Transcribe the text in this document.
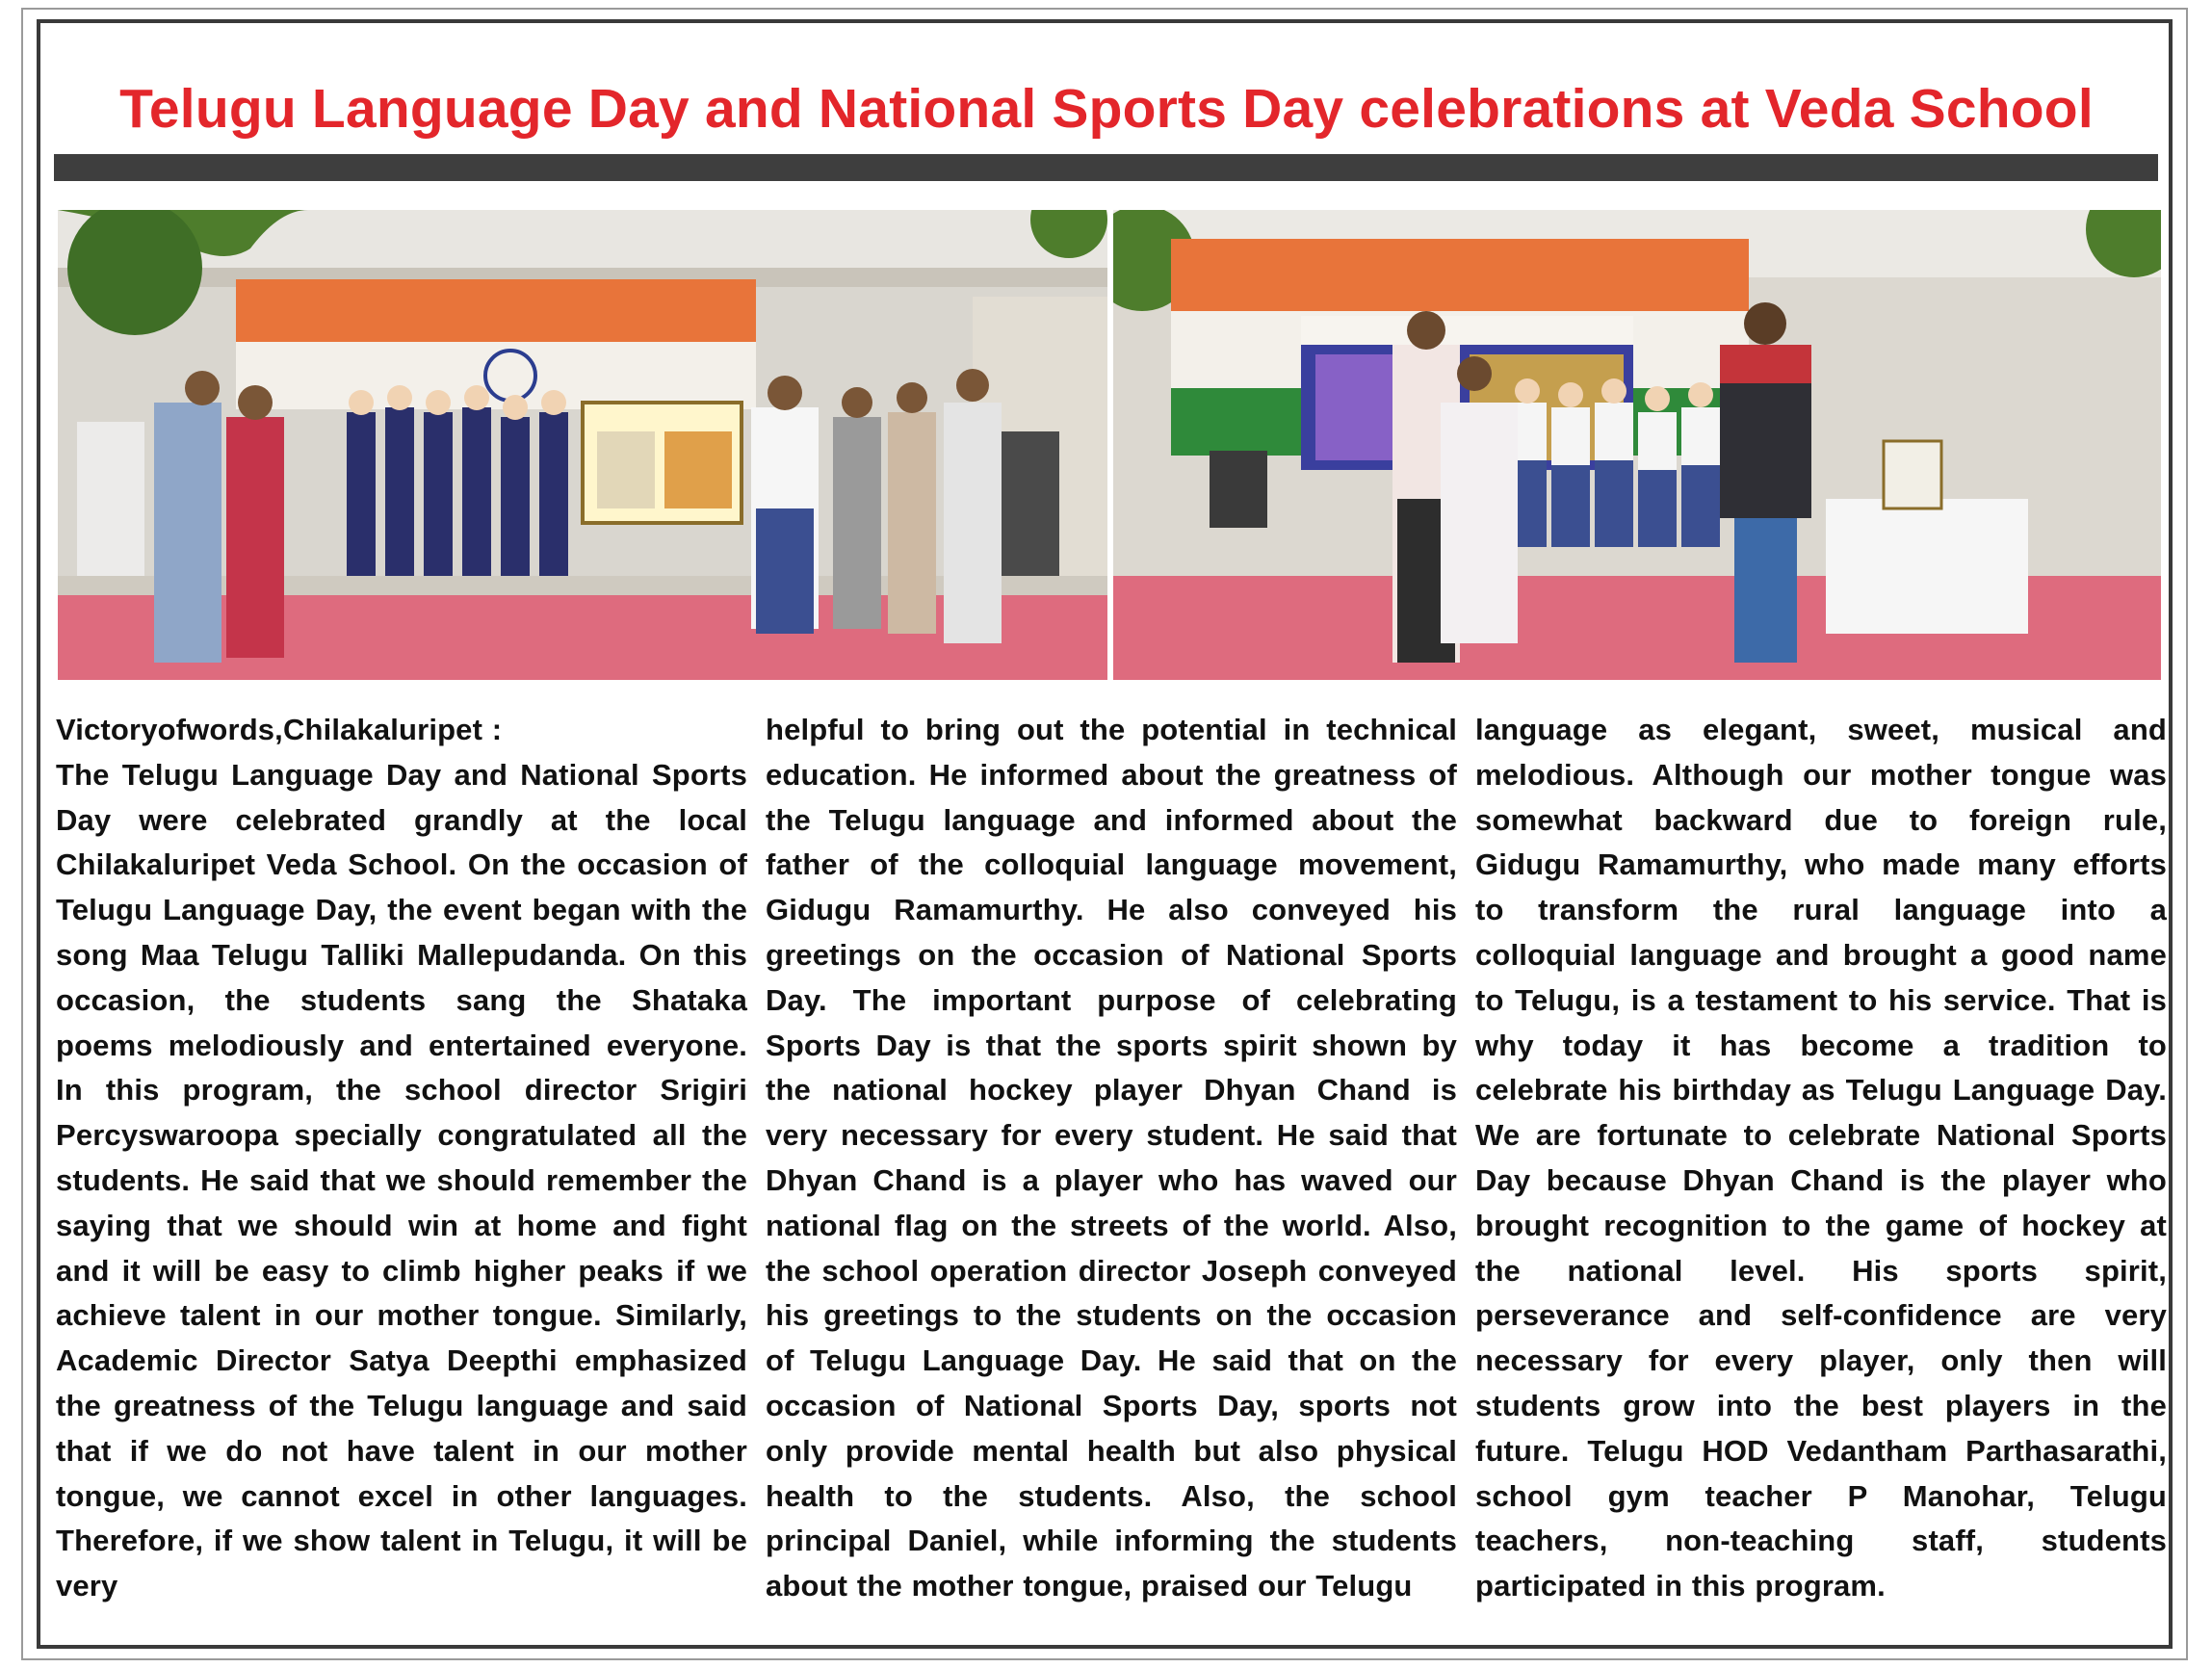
Telugu Language Day and National Sports Day celebrations at Veda School
Victoryofwords,Chilakaluripet :
The Telugu Language Day and National Sports Day were celebrated grandly at the local Chilakaluripet Veda School. On the occasion of Telugu Language Day, the event began with the song Maa Telugu Talliki Mallepudanda. On this occasion, the students sang the Shataka poems melodiously and entertained everyone. In this program, the school director Srigiri Percyswaroopa specially congratulated all the students. He said that we should remember the saying that we should win at home and fight and it will be easy to climb higher peaks if we achieve talent in our mother tongue. Similarly, Academic Director Satya Deepthi emphasized the greatness of the Telugu language and said that if we do not have talent in our mother tongue, we cannot excel in other languages. Therefore, if we show talent in Telugu, it will be very
helpful to bring out the potential in technical education. He informed about the greatness of the Telugu language and informed about the father of the colloquial language movement, Gidugu Ramamurthy. He also conveyed his greetings on the occasion of National Sports Day. The important purpose of celebrating Sports Day is that the sports spirit shown by the national hockey player Dhyan Chand is very necessary for every student. He said that Dhyan Chand is a player who has waved our national flag on the streets of the world. Also, the school operation director Joseph conveyed his greetings to the students on the occasion of Telugu Language Day. He said that on the occasion of National Sports Day, sports not only provide mental health but also physical health to the students. Also, the school principal Daniel, while informing the students about the mother tongue, praised our Telugu
language as elegant, sweet, musical and melodious. Although our mother tongue was somewhat backward due to foreign rule, Gidugu Ramamurthy, who made many efforts to transform the rural language into a colloquial language and brought a good name to Telugu, is a testament to his service. That is why today it has become a tradition to celebrate his birthday as Telugu Language Day. We are fortunate to celebrate National Sports Day because Dhyan Chand is the player who brought recognition to the game of hockey at the national level. His sports spirit, perseverance and self-confidence are very necessary for every player, only then will students grow into the best players in the future. Telugu HOD Vedantham Parthasarathi, school gym teacher P Manohar, Telugu teachers, non-teaching staff, students participated in this program.
